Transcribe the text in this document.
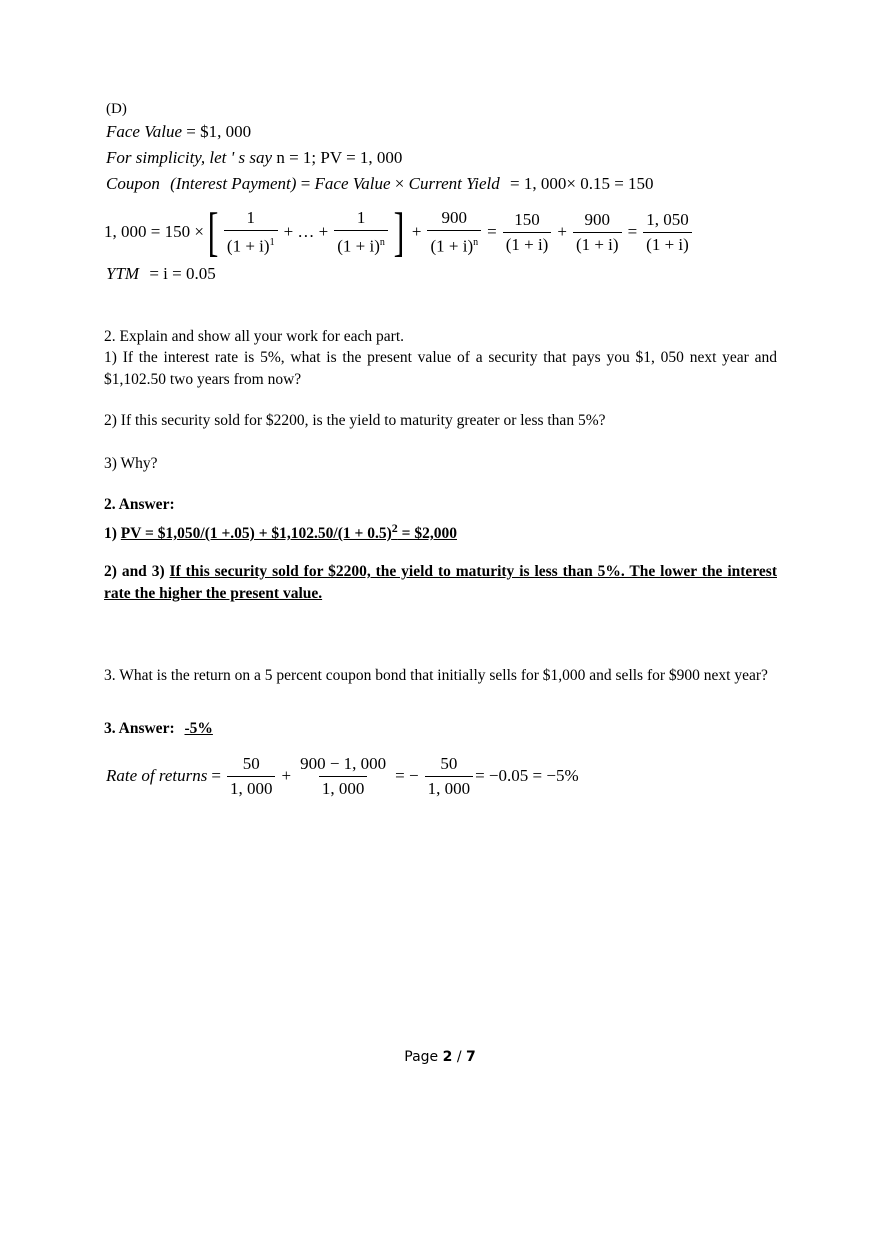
(D)
Face Value = $1, 000
For simplicity, let ' s say n = 1; PV = 1, 000
Coupon (Interest Payment) = Face Value × Current Yield = 1, 000× 0.15 = 150
1, 000 = 150 × [ $\frac{1}{(1 + i)^1}$ + … + $\frac{1}{(1 + i)^n}$ ] + $\frac{900}{(1 + i)^n} = \frac{150}{(1 + i)} + \frac{900}{(1 + i)} = \frac{1, 050}{(1 + i)}$
YTM = i = 0.05
2. Explain and show all your work for each part.
1) If the interest rate is 5%, what is the present value of a security that pays you $1, 050 next year and $1,102.50 two years from now?
2) If this security sold for $2200, is the yield to maturity greater or less than 5%?
3) Why?
2. Answer:
1) PV = $1,050/(1 +.05) + $1,102.50/(1 + 0.5)$^2$ = $2,000
2) and 3) If this security sold for $2200, the yield to maturity is less than 5%. The lower the interest rate the higher the present value.
3. What is the return on a 5 percent coupon bond that initially sells for $1,000 and sells for $900 next year?
3. Answer: -5%
Rate of returns = $\frac{50}{1, 000} + \frac{900 - 1, 000}{1, 000}$ = − $\frac{50}{1, 000} = -0.05 = -5\%$
Page 2 / 7
